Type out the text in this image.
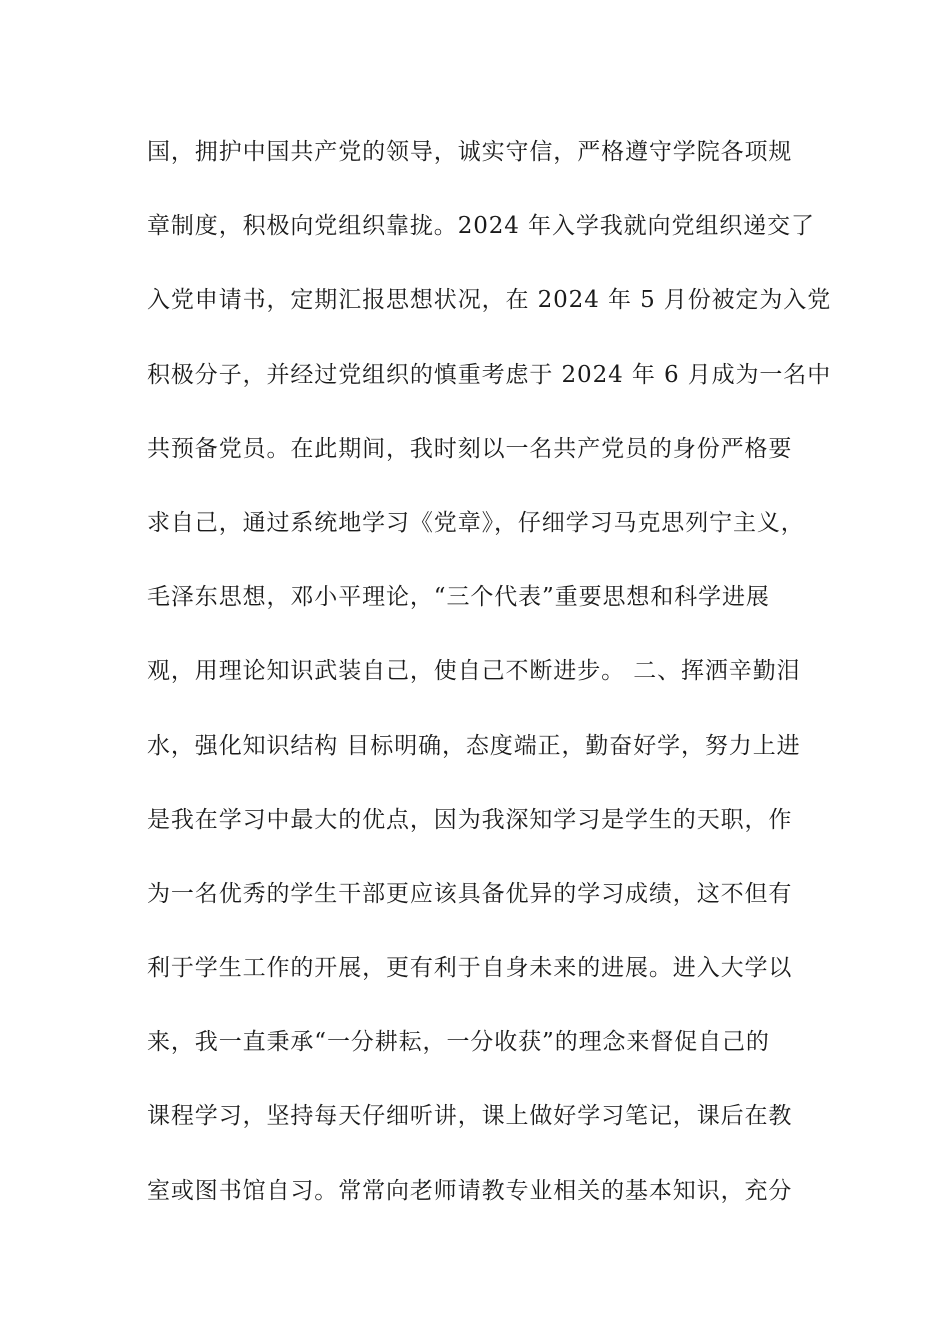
国，拥护中国共产党的领导，诚实守信，严格遵守学院各项规
章制度，积极向党组织靠拢。2024 年入学我就向党组织递交了
入党申请书，定期汇报思想状况，在 2024 年 5 月份被定为入党
积极分子，并经过党组织的慎重考虑于 2024 年 6 月成为一名中
共预备党员。在此期间，我时刻以一名共产党员的身份严格要
求自己，通过系统地学习《党章》，仔细学习马克思列宁主义，
毛泽东思想，邓小平理论，“三个代表”重要思想和科学进展
观，用理论知识武装自己，使自己不断进步。 二、挥洒辛勤泪
水，强化知识结构 目标明确，态度端正，勤奋好学，努力上进
是我在学习中最大的优点，因为我深知学习是学生的天职，作
为一名优秀的学生干部更应该具备优异的学习成绩，这不但有
利于学生工作的开展，更有利于自身未来的进展。进入大学以
来，我一直秉承“一分耕耘，一分收获”的理念来督促自己的
课程学习，坚持每天仔细听讲，课上做好学习笔记，课后在教
室或图书馆自习。常常向老师请教专业相关的基本知识，充分
